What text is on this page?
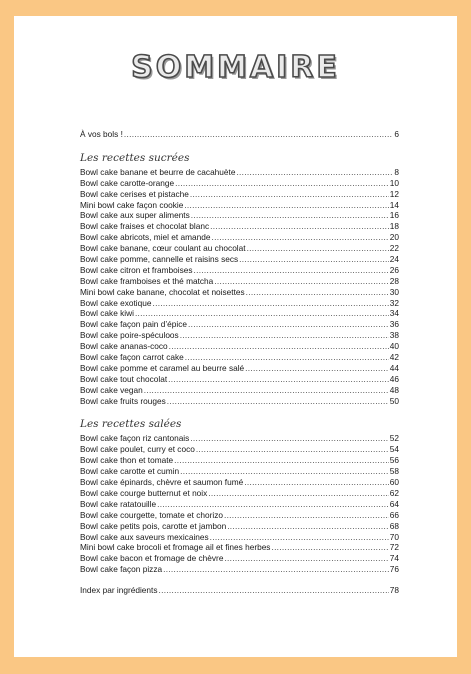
SOMMAIRE
À vos bols ! .....	6
Les recettes sucrées
Bowl cake banane et beurre de cacahuète .....	8
Bowl cake carotte-orange .....	10
Bowl cake cerises et pistache .....	12
Mini bowl cake façon cookie .....	14
Bowl cake aux super aliments .....	16
Bowl cake fraises et chocolat blanc .....	18
Bowl cake abricots, miel et amande .....	20
Bowl cake banane, cœur coulant au chocolat .....	22
Bowl cake pomme, cannelle et raisins secs .....	24
Bowl cake citron et framboises .....	26
Bowl cake framboises et thé matcha .....	28
Mini bowl cake banane, chocolat et noisettes .....	30
Bowl cake exotique .....	32
Bowl cake kiwi .....	34
Bowl cake façon pain d’épice .....	36
Bowl cake poire-spéculoos .....	38
Bowl cake ananas-coco .....	40
Bowl cake façon carrot cake .....	42
Bowl cake pomme et caramel au beurre salé .....	44
Bowl cake tout chocolat .....	46
Bowl cake vegan .....	48
Bowl cake fruits rouges .....	50
Les recettes salées
Bowl cake façon riz cantonais .....	52
Bowl cake poulet, curry et coco .....	54
Bowl cake thon et tomate .....	56
Bowl cake carotte et cumin .....	58
Bowl cake épinards, chèvre et saumon fumé .....	60
Bowl cake courge butternut et noix .....	62
Bowl cake ratatouille .....	64
Bowl cake courgette, tomate et chorizo .....	66
Bowl cake petits pois, carotte et jambon .....	68
Bowl cake aux saveurs mexicaines .....	70
Mini bowl cake brocoli et fromage ail et fines herbes .....	72
Bowl cake bacon et fromage de chèvre .....	74
Bowl cake façon pizza .....	76
Index par ingrédients .....	78
